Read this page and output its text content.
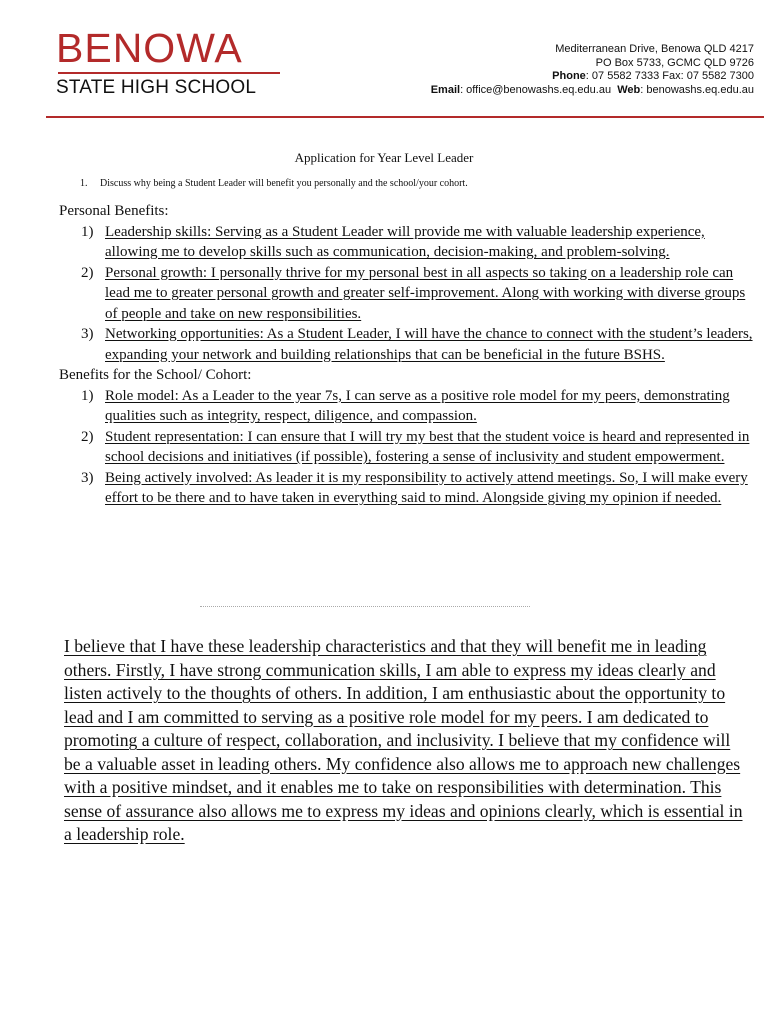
BENOWA
STATE HIGH SCHOOL
Mediterranean Drive, Benowa QLD 4217
PO Box 5733, GCMC QLD 9726
Phone: 07 5582 7333 Fax: 07 5582 7300
Email: office@benowashs.eq.edu.au  Web: benowashs.eq.edu.au
Application for Year Level Leader
1. Discuss why being a Student Leader will benefit you personally and the school/your cohort.
Personal Benefits:
1) Leadership skills: Serving as a Student Leader will provide me with valuable leadership experience, allowing me to develop skills such as communication, decision-making, and problem-solving.
2) Personal growth: I personally thrive for my personal best in all aspects so taking on a leadership role can lead me to greater personal growth and greater self-improvement. Along with working with diverse groups of people and take on new responsibilities.
3) Networking opportunities: As a Student Leader, I will have the chance to connect with the student’s leaders, expanding your network and building relationships that can be beneficial in the future BSHS.
Benefits for the School/ Cohort:
1) Role model: As a Leader to the year 7s, I can serve as a positive role model for my peers, demonstrating qualities such as integrity, respect, diligence, and compassion.
2) Student representation: I can ensure that I will try my best that the student voice is heard and represented in school decisions and initiatives (if possible), fostering a sense of inclusivity and student empowerment.
3) Being actively involved: As leader it is my responsibility to actively attend meetings. So, I will make every effort to be there and to have taken in everything said to mind. Alongside giving my opinion if needed.
I believe that I have these leadership characteristics and that they will benefit me in leading others. Firstly, I have strong communication skills, I am able to express my ideas clearly and listen actively to the thoughts of others. In addition, I am enthusiastic about the opportunity to lead and I am committed to serving as a positive role model for my peers. I am dedicated to promoting a culture of respect, collaboration, and inclusivity. I believe that my confidence will be a valuable asset in leading others. My confidence also allows me to approach new challenges with a positive mindset, and it enables me to take on responsibilities with determination. This sense of assurance also allows me to express my ideas and opinions clearly, which is essential in a leadership role.
